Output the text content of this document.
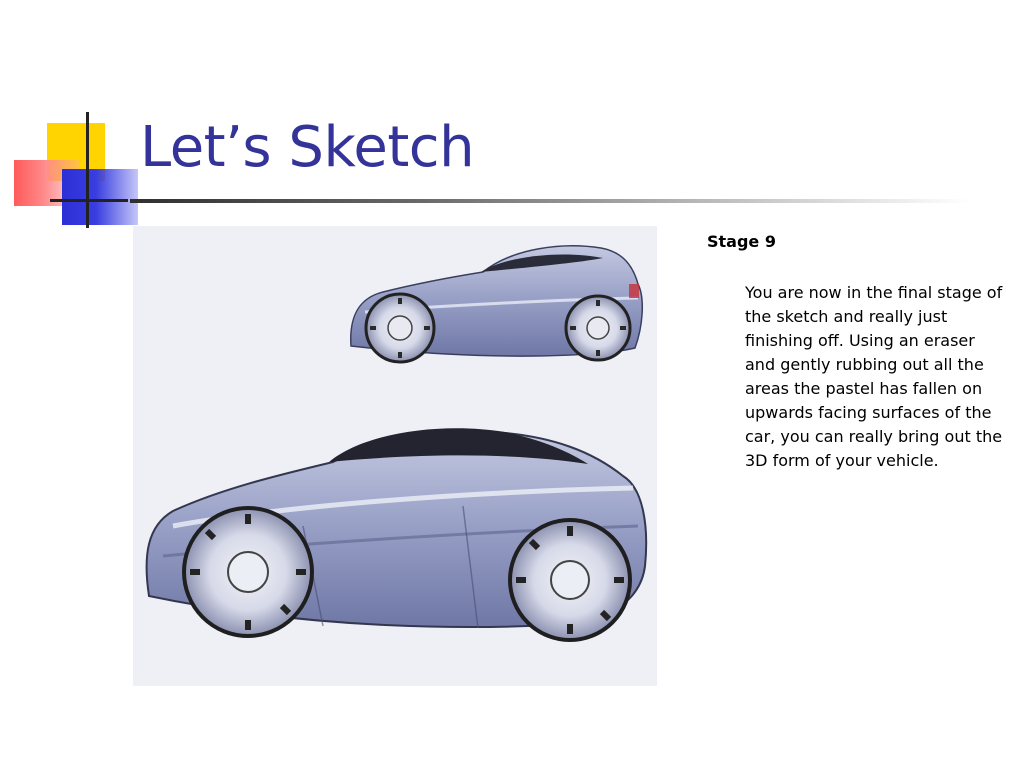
Let’s Sketch

Stage 9

You are now in the final stage of the sketch and really just finishing off. Using an eraser and gently rubbing out all the areas the pastel has fallen on upwards facing surfaces of the car, you can really bring out the 3D form of your vehicle.
